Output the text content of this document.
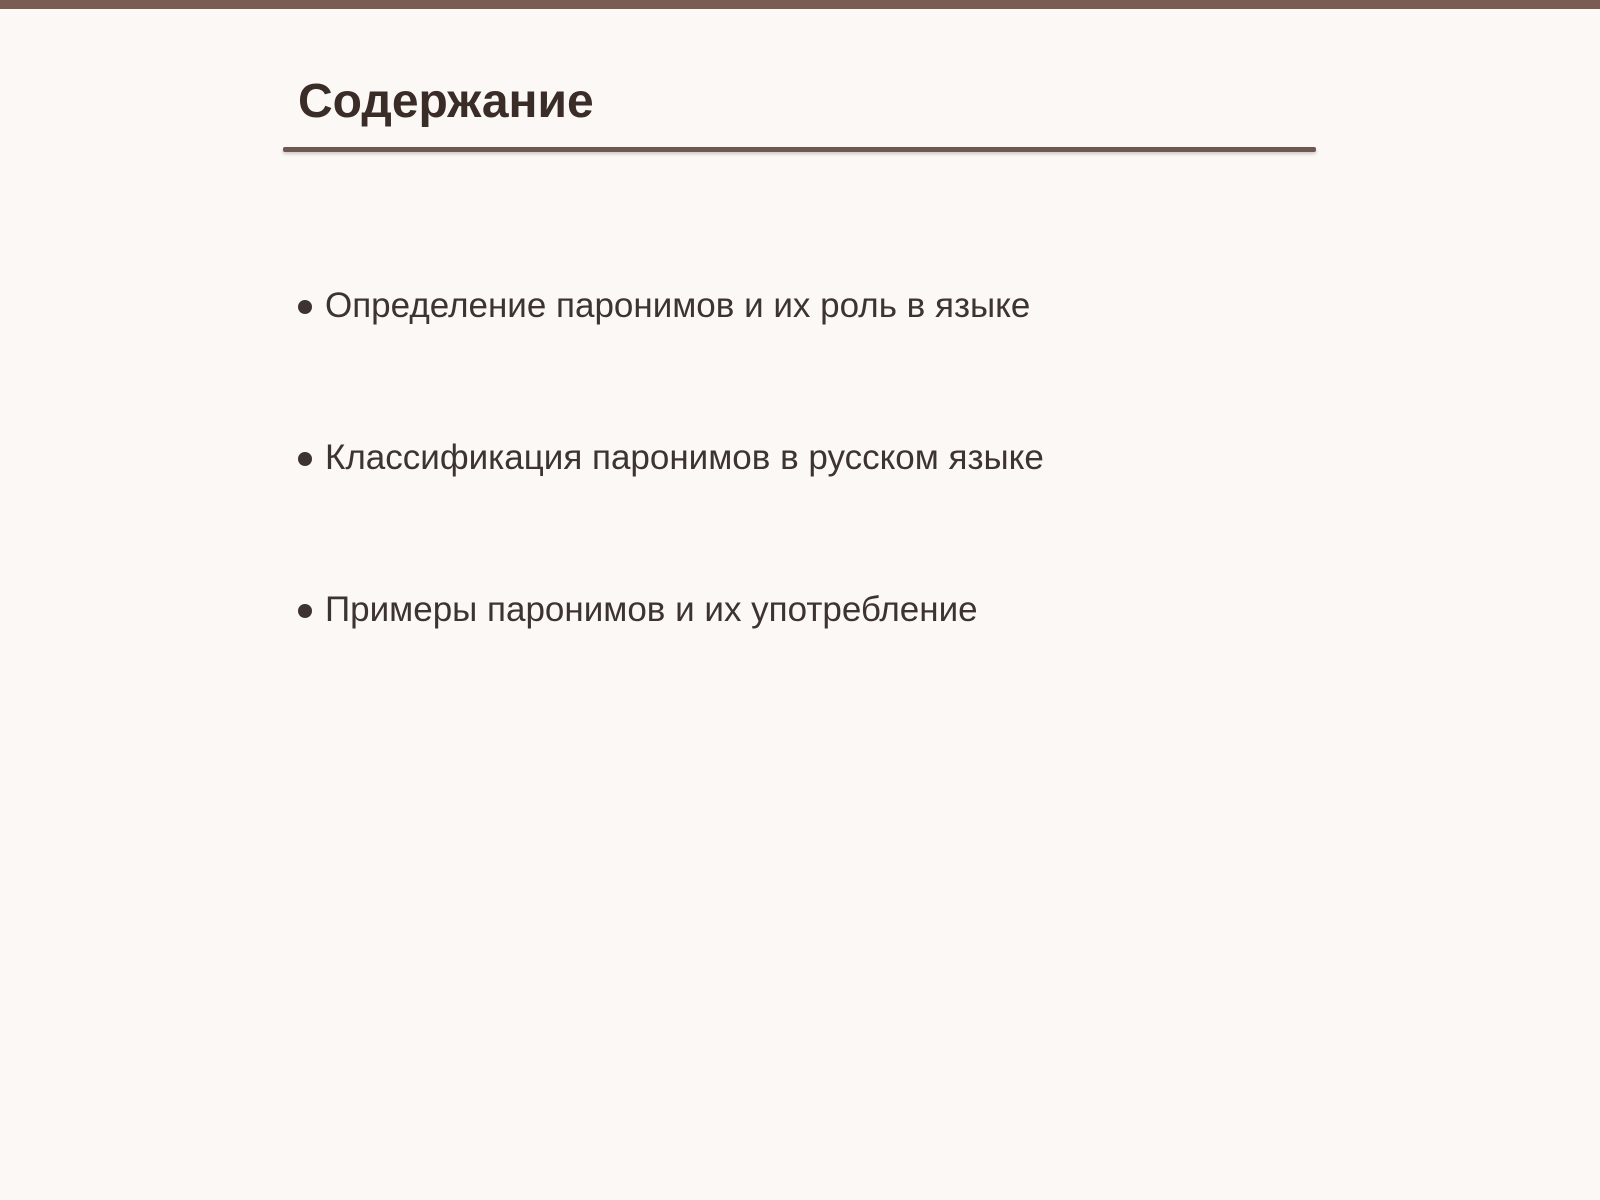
Содержание
Определение паронимов и их роль в языке
Классификация паронимов в русском языке
Примеры паронимов и их употребление
